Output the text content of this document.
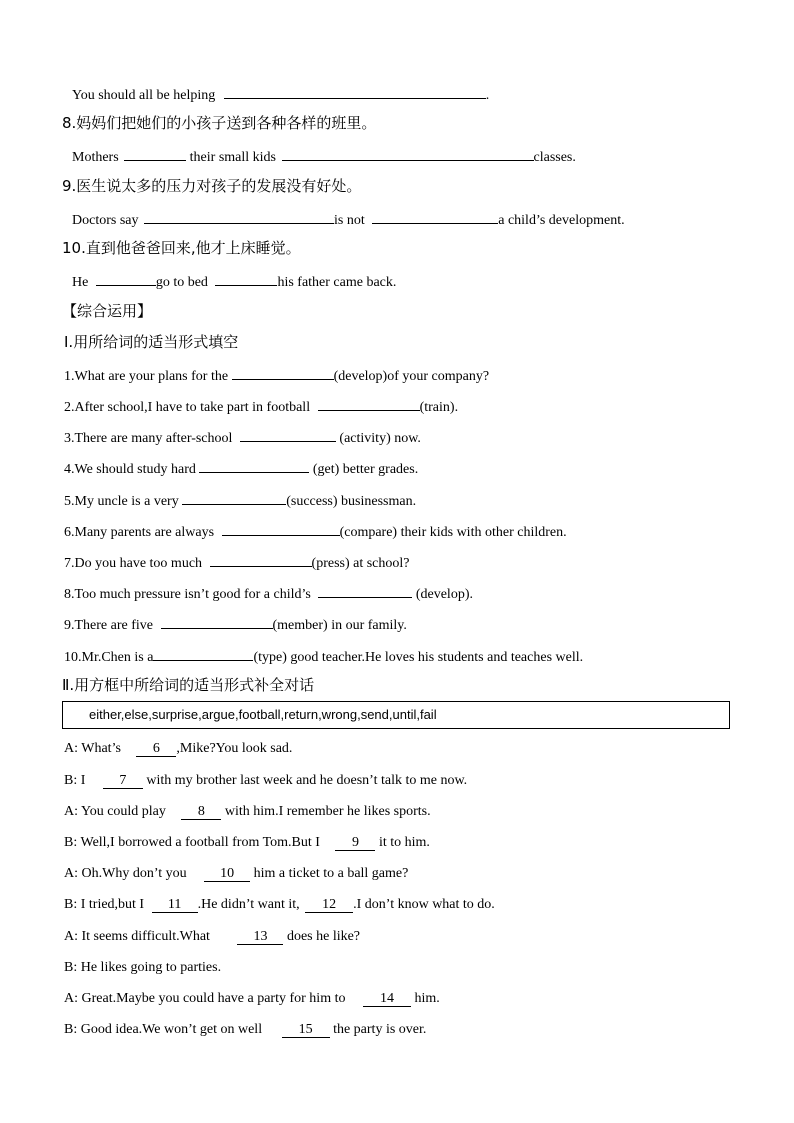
You should all be helping	.
8.妈妈们把她们的小孩子送到各种各样的班里。
Mothers	their small kids	classes.
9.医生说太多的压力对孩子的发展没有好处。
Doctors say	is not	a child’s development.
10.直到他爸爸回来,他才上床睡觉。
He	go to bed	his father came back.
【综合运用】
Ⅰ.用所给词的适当形式填空
1.What are your plans for the	(develop)of your company?
2.After school,I have to take part in football	(train).
3.There are many after-school	(activity) now.
4.We should study hard	(get) better grades.
5.My uncle is a very	(success) businessman.
6.Many parents are always	(compare) their kids with other children.
7.Do you have too much	(press) at school?
8.Too much pressure isn’t good for a child’s	(develop).
9.There are five	(member) in our family.
10.Mr.Chen is a	(type) good teacher.He loves his students and teaches well.
Ⅱ.用方框中所给词的适当形式补全对话
either,else,surprise,argue,football,return,wrong,send,until,fail
A: What’s 6 ,Mike?You look sad.
B: I 7 with my brother last week and he doesn’t talk to me now.
A: You could play 8 with him.I remember he likes sports.
B: Well,I borrowed a football from Tom.But I 9 it to him.
A: Oh.Why don’t you 10 him a ticket to a ball game?
B: I tried,but I 11 .He didn’t want it, 12 .I don’t know what to do.
A: It seems difficult.What	13 does he like?
B: He likes going to parties.
A: Great.Maybe you could have a party for him to 14 him.
B: Good idea.We won’t get on well	15 the party is over.
